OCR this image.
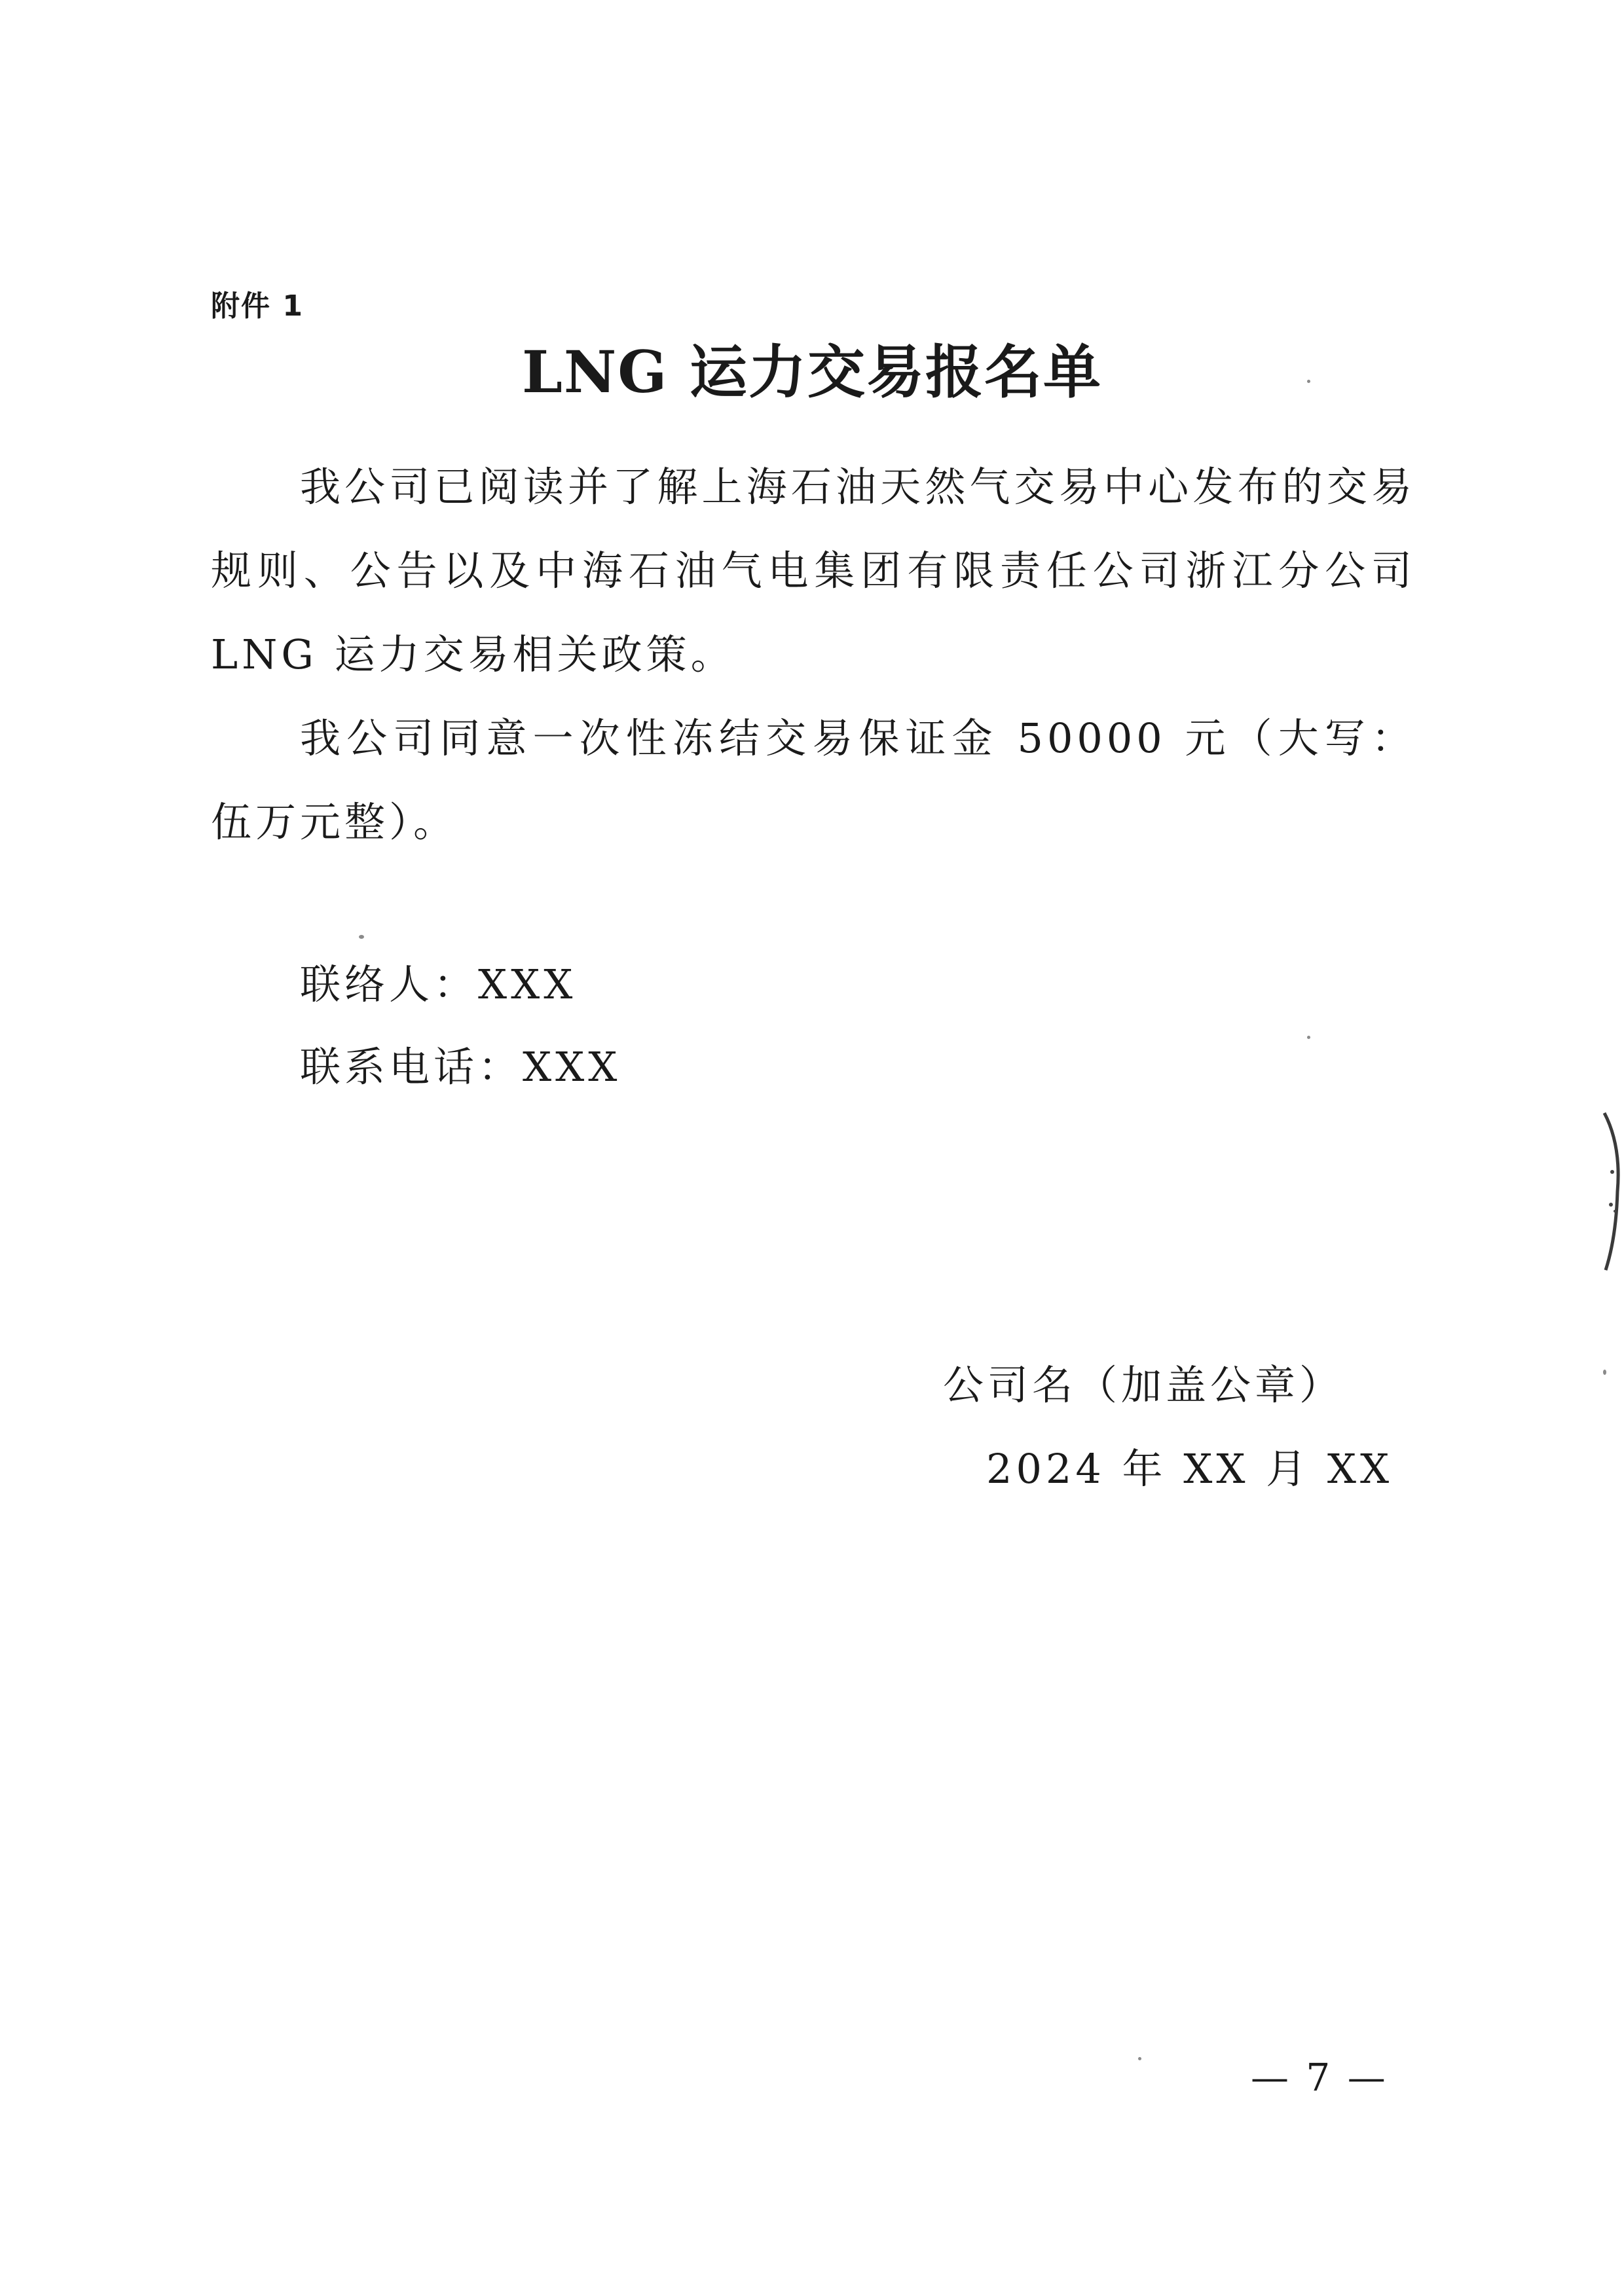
附件 1
LNG 运力交易报名单

我公司已阅读并了解上海石油天然气交易中心发布的交易规则、公告以及中海石油气电集团有限责任公司浙江分公司 LNG 运力交易相关政策。

我公司同意一次性冻结交易保证金 50000 元（大写：伍万元整）。

联络人：XXX
联系电话：XXX
公司名（加盖公章）
2024 年 XX 月 XX
— 7 —
